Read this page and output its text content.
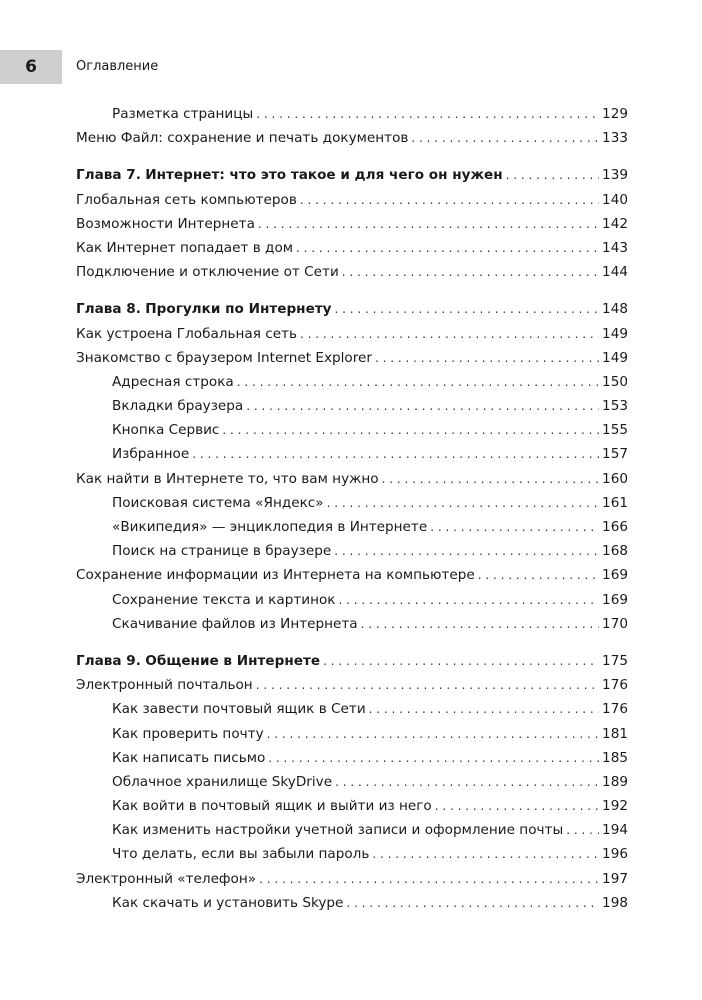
6	Оглавление
Разметка страницы . . .	129
Меню Файл: сохранение и печать документов . . .	133
Глава 7. Интернет: что это такое и для чего он нужен . . .	139
Глобальная сеть компьютеров . . .	140
Возможности Интернета . . .	142
Как Интернет попадает в дом . . .	143
Подключение и отключение от Сети . . .	144
Глава 8. Прогулки по Интернету . . .	148
Как устроена Глобальная сеть . . .	149
Знакомство с браузером Internet Explorer . . .	149
Адресная строка . . .	150
Вкладки браузера . . .	153
Кнопка Сервис . . .	155
Избранное . . .	157
Как найти в Интернете то, что вам нужно . . .	160
Поисковая система «Яндекс» . . .	161
«Википедия» — энциклопедия в Интернете . . .	166
Поиск на странице в браузере . . .	168
Сохранение информации из Интернета на компьютере . . .	169
Сохранение текста и картинок . . .	169
Скачивание файлов из Интернета . . .	170
Глава 9. Общение в Интернете . . .	175
Электронный почтальон . . .	176
Как завести почтовый ящик в Сети . . .	176
Как проверить почту . . .	181
Как написать письмо . . .	185
Облачное хранилище SkyDrive . . .	189
Как войти в почтовый ящик и выйти из него . . .	192
Как изменить настройки учетной записи и оформление почты . . .	194
Что делать, если вы забыли пароль . . .	196
Электронный «телефон» . . .	197
Как скачать и установить Skype . . .	198
